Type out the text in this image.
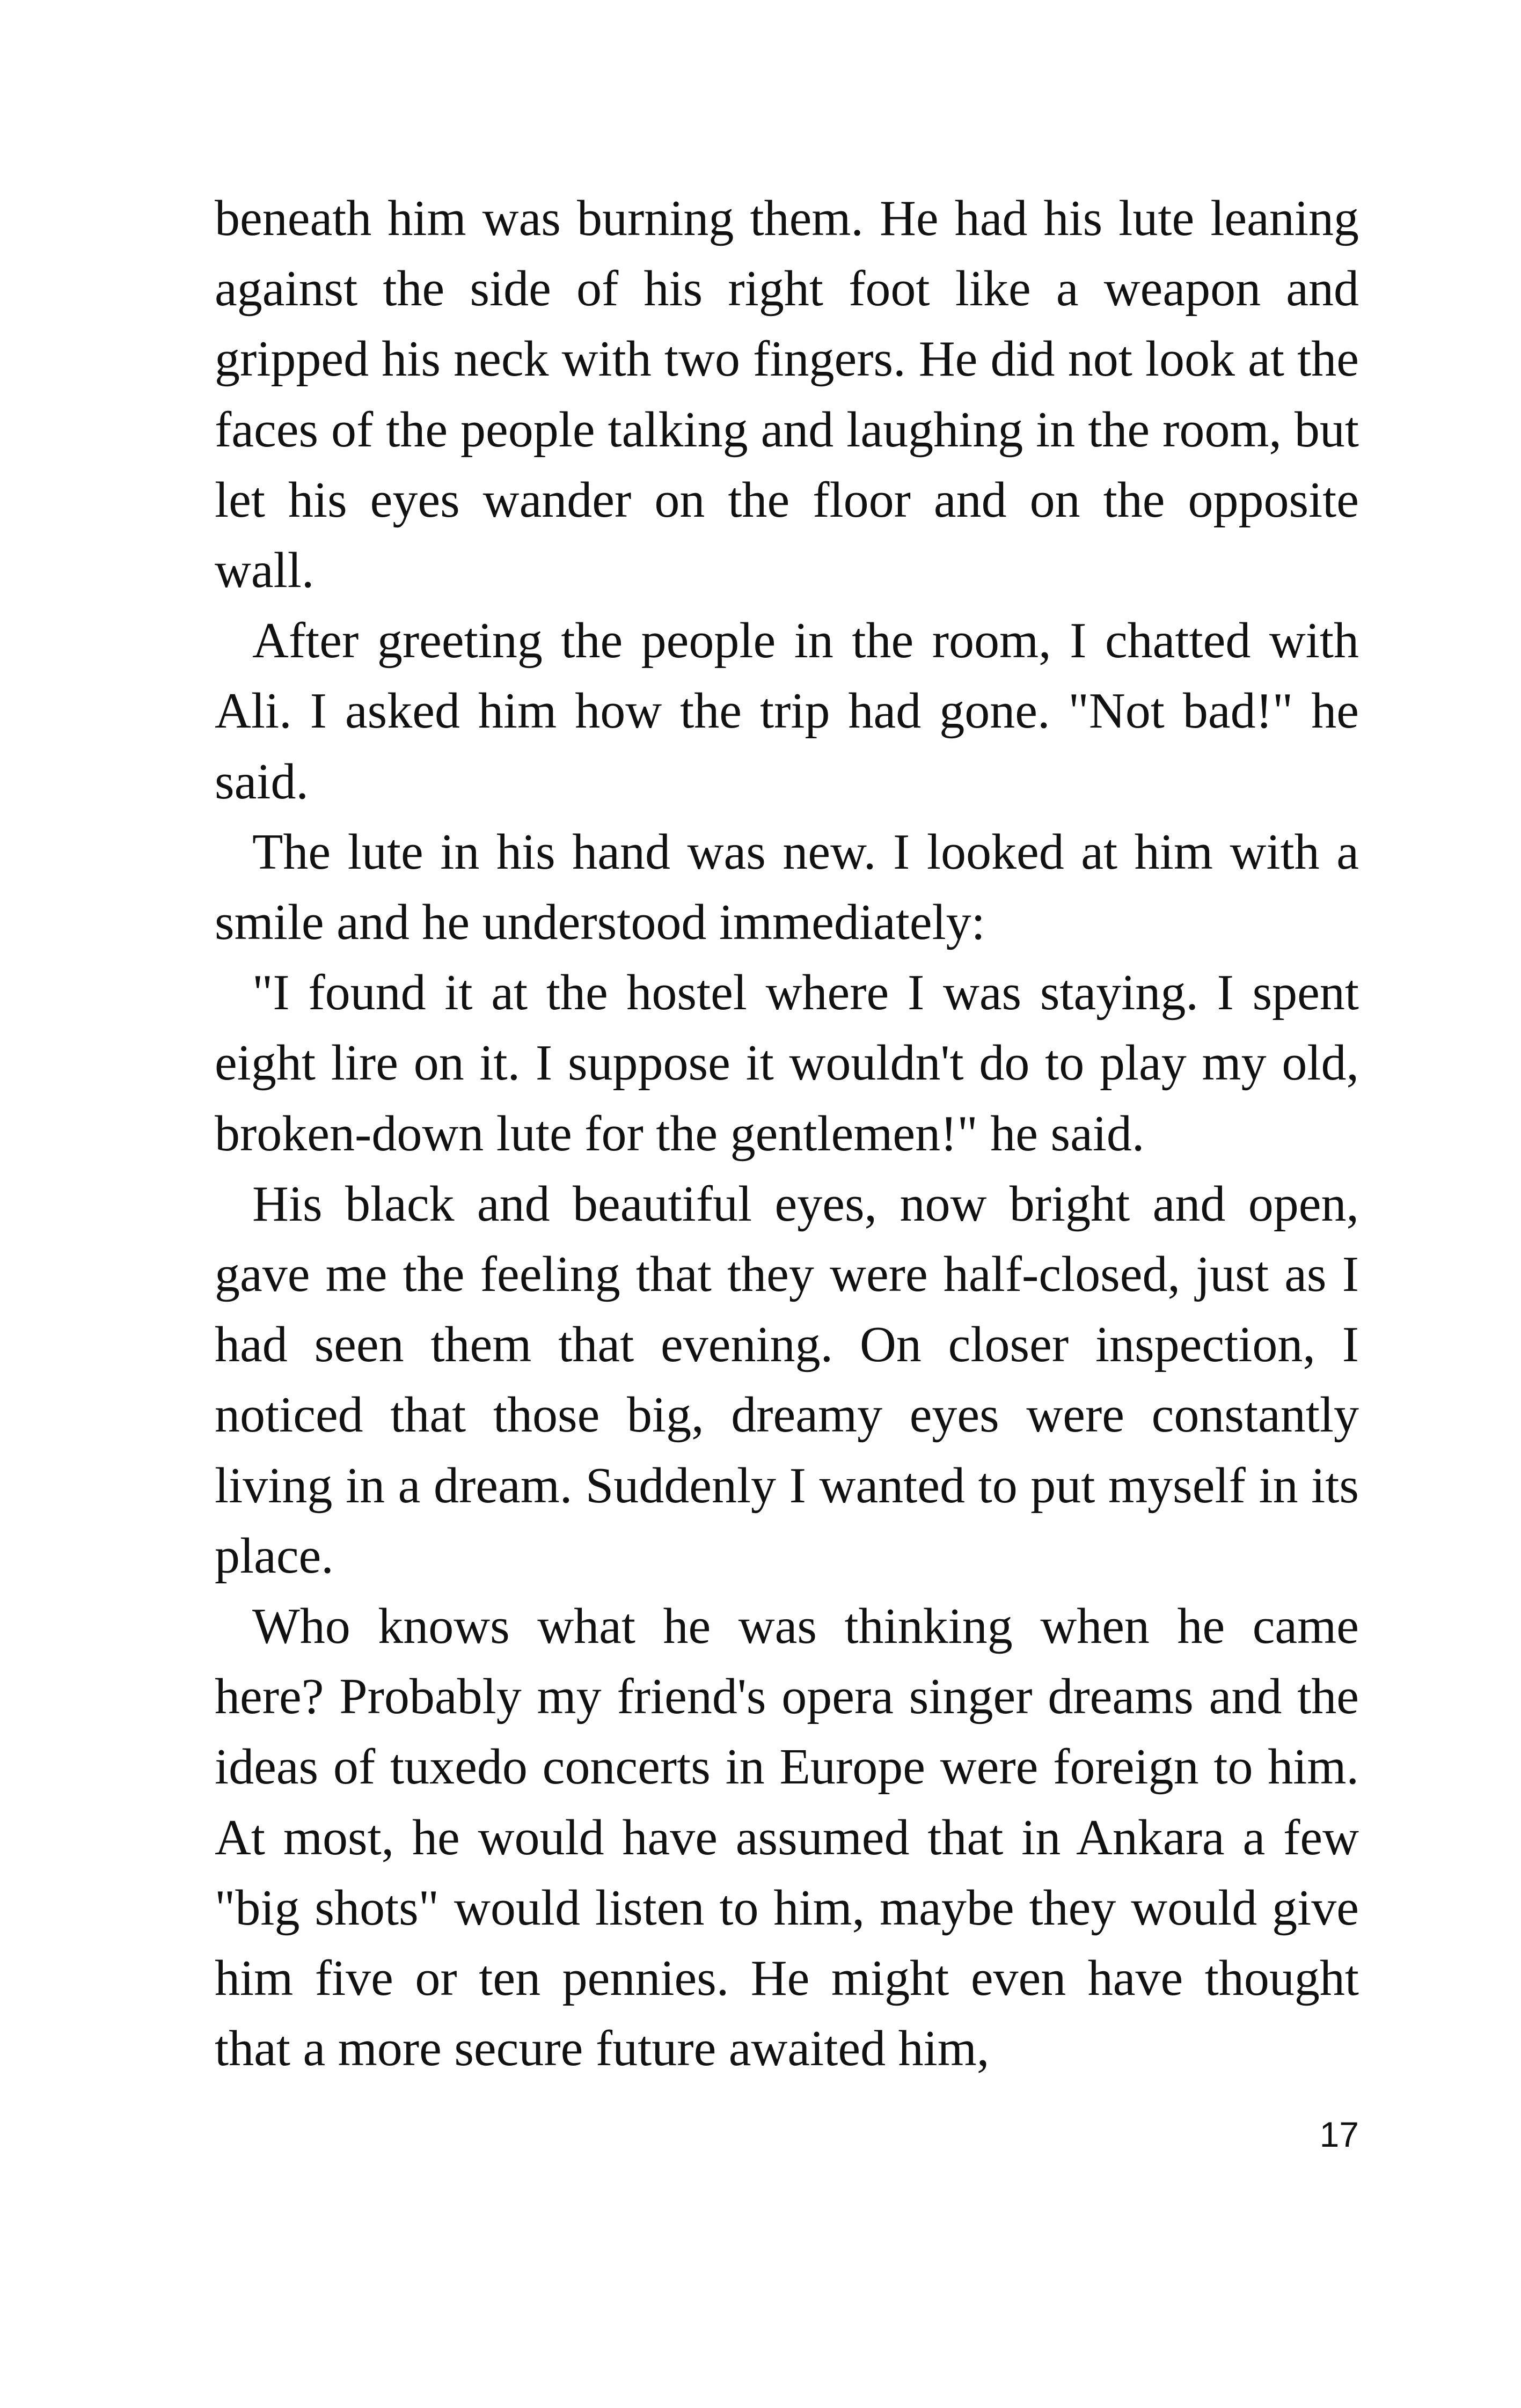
beneath him was burning them. He had his lute leaning against the side of his right foot like a weapon and gripped his neck with two fingers. He did not look at the faces of the people talking and laughing in the room, but let his eyes wander on the floor and on the opposite wall.

After greeting the people in the room, I chatted with Ali. I asked him how the trip had gone. "Not bad!" he said.

The lute in his hand was new. I looked at him with a smile and he understood immediately:

"I found it at the hostel where I was staying. I spent eight lire on it. I suppose it wouldn't do to play my old, broken-down lute for the gentlemen!" he said.

His black and beautiful eyes, now bright and open, gave me the feeling that they were half-closed, just as I had seen them that evening. On closer inspection, I noticed that those big, dreamy eyes were constantly living in a dream. Suddenly I wanted to put myself in its place.

Who knows what he was thinking when he came here? Probably my friend's opera singer dreams and the ideas of tuxedo concerts in Europe were foreign to him. At most, he would have assumed that in Ankara a few "big shots" would listen to him, maybe they would give him five or ten pennies. He might even have thought that a more secure future awaited him,

17
